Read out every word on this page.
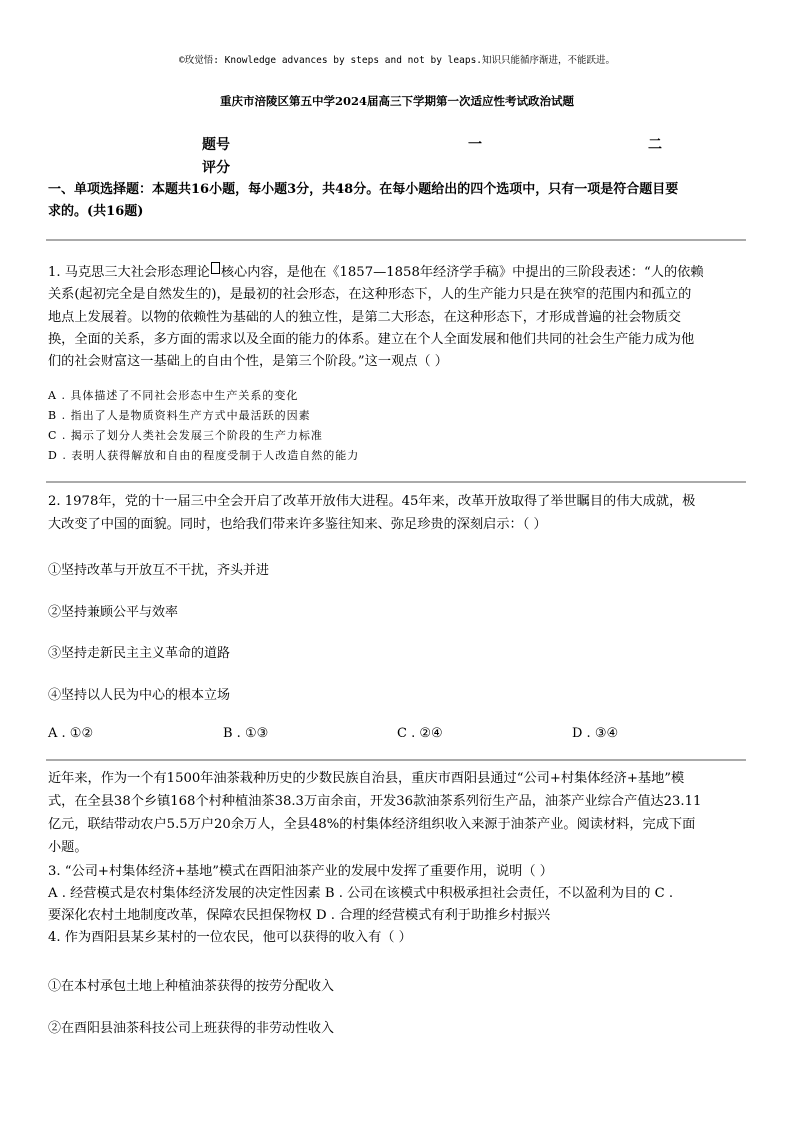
©玫觉悟: Knowledge advances by steps and not by leaps.知识只能循序渐进，不能跃进。
重庆市涪陵区第五中学2024届高三下学期第一次适应性考试政治试题
题号	一	二
评分
一、单项选择题：本题共16小题，每小题3分，共48分。在每小题给出的四个选项中，只有一项是符合题目要
求的。(共16题)
1. 马克思三大社会形态理论 核心内容，是他在《1857—1858年经济学手稿》中提出的三阶段表述：“人的依赖
关系(起初完全是自然发生的)，是最初的社会形态，在这种形态下，人的生产能力只是在狭窄的范围内和孤立的
地点上发展着。以物的依赖性为基础的人的独立性，是第二大形态，在这种形态下，才形成普遍的社会物质交
换，全面的关系，多方面的需求以及全面的能力的体系。建立在个人全面发展和他们共同的社会生产能力成为他
们的社会财富这一基础上的自由个性，是第三个阶段。”这一观点（ ）
A . 具体描述了不同社会形态中生产关系的变化
B . 指出了人是物质资料生产方式中最活跃的因素
C . 揭示了划分人类社会发展三个阶段的生产力标准
D . 表明人获得解放和自由的程度受制于人改造自然的能力
2. 1978年，党的十一届三中全会开启了改革开放伟大进程。45年来，改革开放取得了举世瞩目的伟大成就，极
大改变了中国的面貌。同时，也给我们带来许多鉴往知来、弥足珍贵的深刻启示：（ ）
①坚持改革与开放互不干扰，齐头并进
②坚持兼顾公平与效率
③坚持走新民主主义革命的道路
④坚持以人民为中心的根本立场
A . ①②	B . ①③	C . ②④	D . ③④
近年来，作为一个有1500年油茶栽种历史的少数民族自治县，重庆市酉阳县通过“公司+村集体经济+基地”模
式，在全县38个乡镇168个村种植油茶38.3万亩余亩，开发36款油茶系列衍生产品，油茶产业综合产值达23.11
亿元，联结带动农户5.5万户20余万人，全县48%的村集体经济组织收入来源于油茶产业。阅读材料，完成下面
小题。
3. “公司+村集体经济+基地”模式在酉阳油茶产业的发展中发挥了重要作用，说明（ ）
A . 经营模式是农村集体经济发展的决定性因素 B . 公司在该模式中积极承担社会责任，不以盈利为目的 C .
要深化农村土地制度改革，保障农民担保物权 D . 合理的经营模式有利于助推乡村振兴
4. 作为酉阳县某乡某村的一位农民，他可以获得的收入有（ ）
①在本村承包土地上种植油茶获得的按劳分配收入
②在酉阳县油茶科技公司上班获得的非劳动性收入
